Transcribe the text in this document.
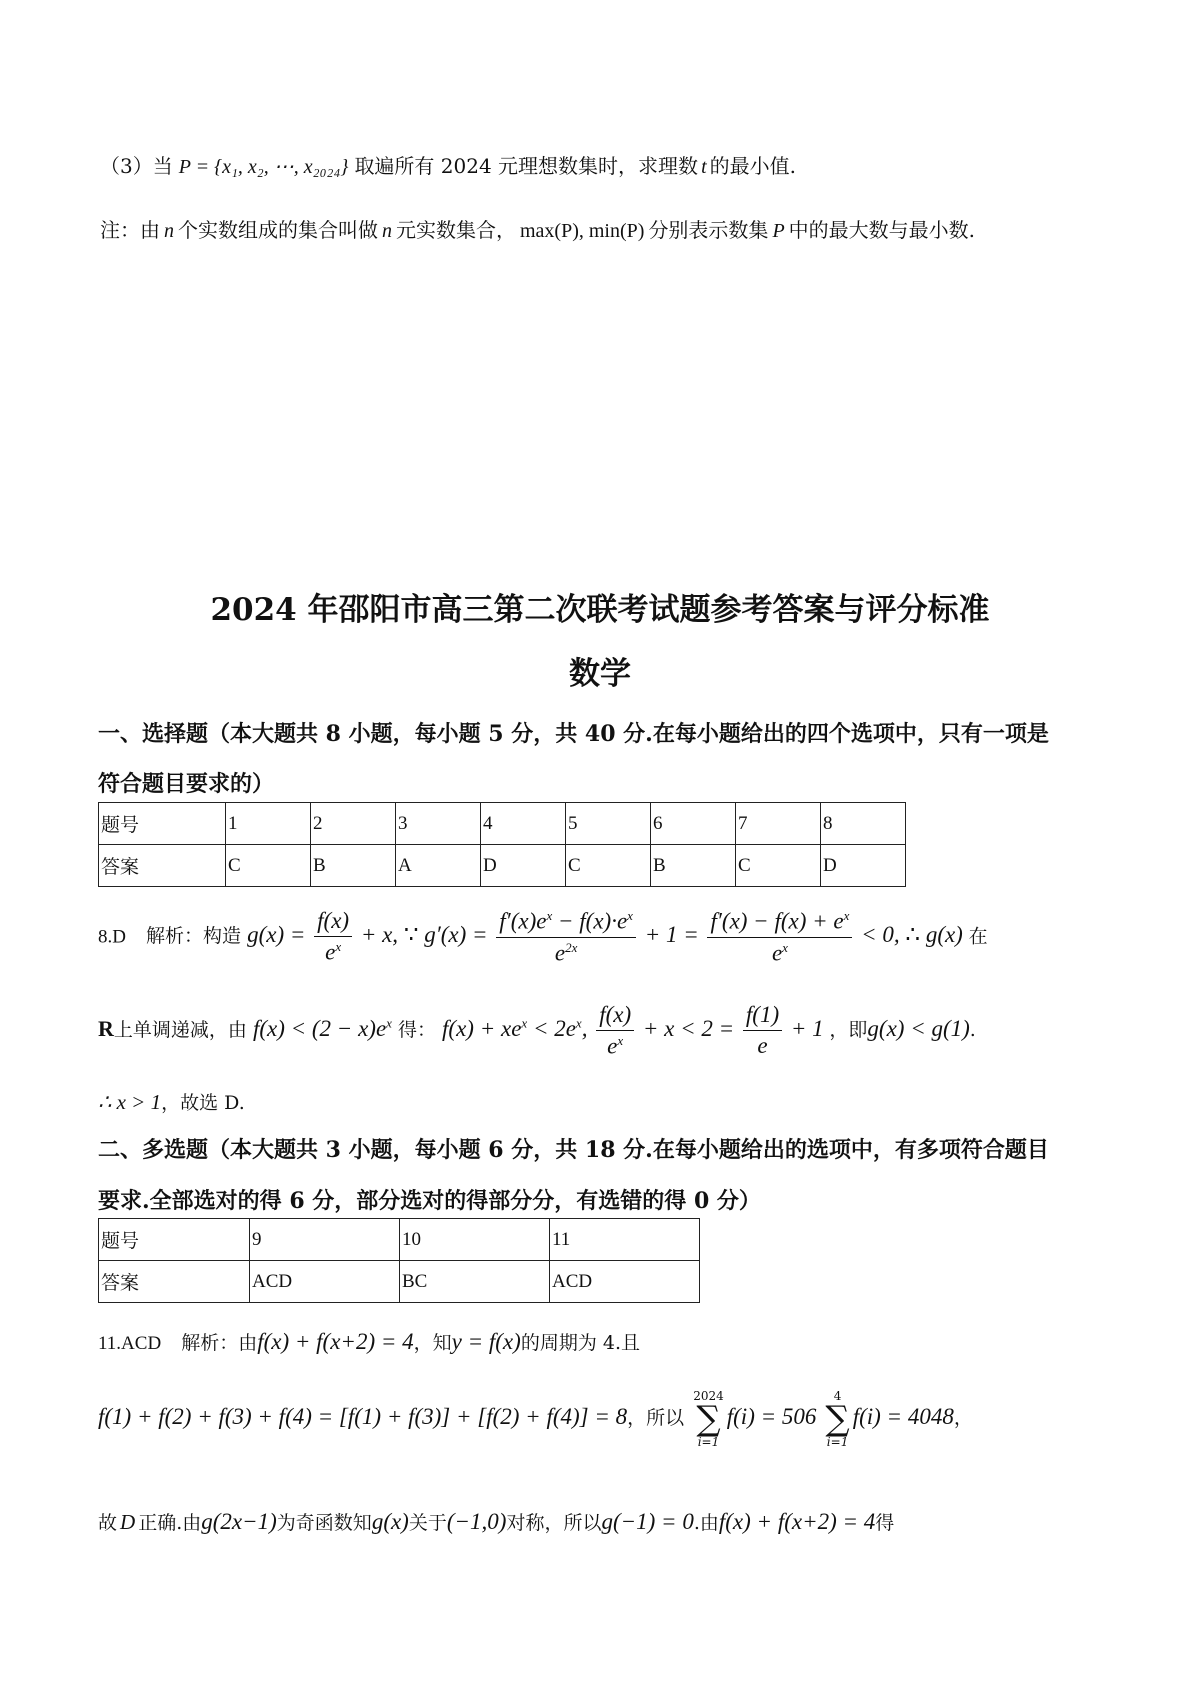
（3）当 P = {x₁, x₂, ⋯, x₂₀₂₄} 取遍所有 2024 元理想数集时，求理数 t 的最小值.
注：由 n 个实数组成的集合叫做 n 元实数集合， max(P), min(P) 分别表示数集 P 中的最大数与最小数.
2024 年邵阳市高三第二次联考试题参考答案与评分标准
数学
一、选择题（本大题共 8 小题，每小题 5 分，共 40 分.在每小题给出的四个选项中，只有一项是
符合题目要求的）
题号	1	2	3	4	5	6	7	8
答案	C	B	A	D	C	B	C	D
8.D 解析：构造 $g(x) = \frac{f(x)}{e^x} + x$, ∵ $g'(x) = \frac{f'(x)e^x - f(x)\cdot e^x}{e^{2x}} + 1 = \frac{f'(x) - f(x) + e^x}{e^x} < 0$, ∴ g(x) 在
R上单调递减，由 $f(x) < (2 - x)e^x$ 得： $f(x) + xe^x < 2e^x$, $\frac{f(x)}{e^x} + x < 2 = \frac{f(1)}{e} + 1$ ，即g(x) < g(1).
∴ x > 1，故选 D.
二、多选题（本大题共 3 小题，每小题 6 分，共 18 分.在每小题给出的选项中，有多项符合题目
要求.全部选对的得 6 分，部分选对的得部分分，有选错的得 0 分）
题号	9	10	11
答案	ACD	BC	ACD
11.ACD 解析：由f(x) + f(x+2) = 4，知y = f(x)的周期为 4.且
f(1) + f(2) + f(3) + f(4) = [f(1) + f(3)] + [f(2) + f(4)] = 8，所以
2024
∑
i=1
f(i) = 506
4
∑
i=1
f(i) = 4048，
故 D 正确.由g(2x−1)为奇函数知g(x)关于(−1,0)对称，所以g(−1) = 0.由f(x) + f(x+2) = 4得
